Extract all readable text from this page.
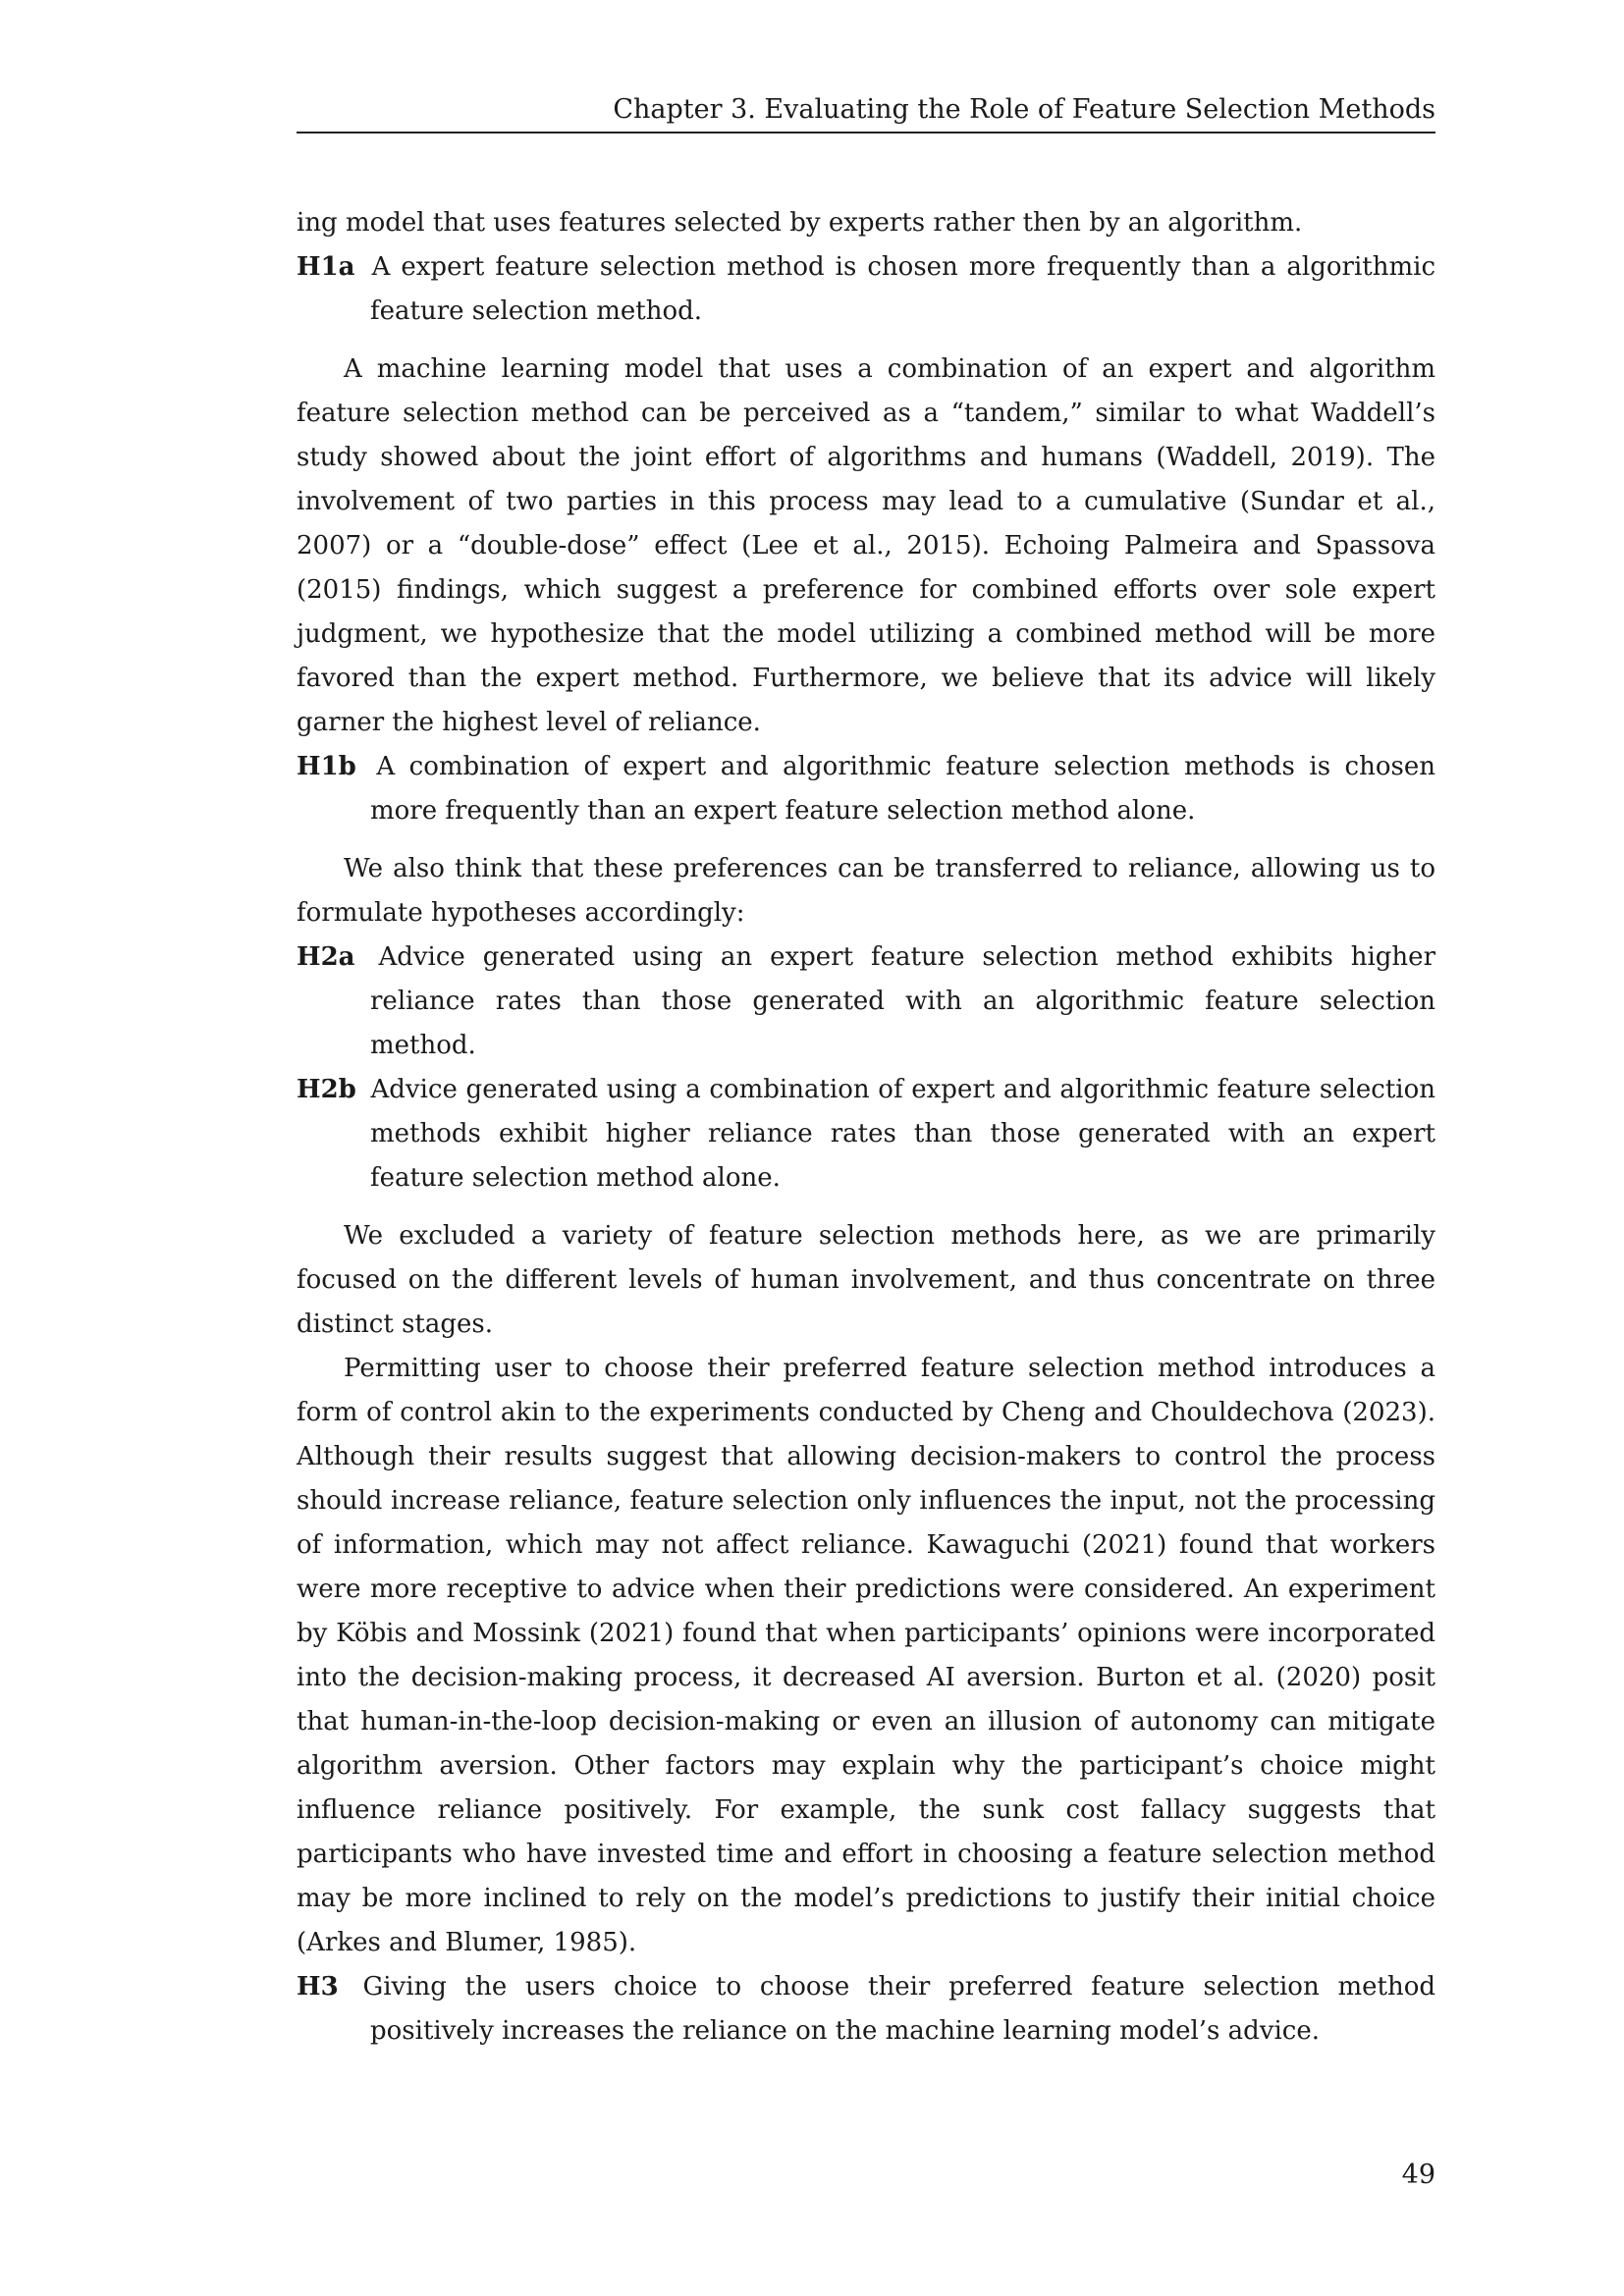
Chapter 3. Evaluating the Role of Feature Selection Methods

ing model that uses features selected by experts rather then by an algorithm.

H1a A expert feature selection method is chosen more frequently than a algorithmic feature selection method.

A machine learning model that uses a combination of an expert and algorithm feature selection method can be perceived as a “tandem,” similar to what Waddell’s study showed about the joint effort of algorithms and humans (Waddell, 2019). The involvement of two parties in this process may lead to a cumulative (Sundar et al., 2007) or a “double-dose” effect (Lee et al., 2015). Echoing Palmeira and Spassova (2015) findings, which suggest a preference for combined efforts over sole expert judgment, we hypothesize that the model utilizing a combined method will be more favored than the expert method. Furthermore, we believe that its advice will likely garner the highest level of reliance.

H1b A combination of expert and algorithmic feature selection methods is chosen more frequently than an expert feature selection method alone.

We also think that these preferences can be transferred to reliance, allowing us to formulate hypotheses accordingly:

H2a Advice generated using an expert feature selection method exhibits higher reliance rates than those generated with an algorithmic feature selection method.

H2b Advice generated using a combination of expert and algorithmic feature selection methods exhibit higher reliance rates than those generated with an expert feature selection method alone.

We excluded a variety of feature selection methods here, as we are primarily focused on the different levels of human involvement, and thus concentrate on three distinct stages.

Permitting user to choose their preferred feature selection method introduces a form of control akin to the experiments conducted by Cheng and Chouldechova (2023). Although their results suggest that allowing decision-makers to control the process should increase reliance, feature selection only influences the input, not the processing of information, which may not affect reliance. Kawaguchi (2021) found that workers were more receptive to advice when their predictions were considered. An experiment by Köbis and Mossink (2021) found that when participants’ opinions were incorporated into the decision-making process, it decreased AI aversion. Burton et al. (2020) posit that human-in-the-loop decision-making or even an illusion of autonomy can mitigate algorithm aversion. Other factors may explain why the participant’s choice might influence reliance positively. For example, the sunk cost fallacy suggests that participants who have invested time and effort in choosing a feature selection method may be more inclined to rely on the model’s predictions to justify their initial choice (Arkes and Blumer, 1985).

H3 Giving the users choice to choose their preferred feature selection method positively increases the reliance on the machine learning model’s advice.

49
